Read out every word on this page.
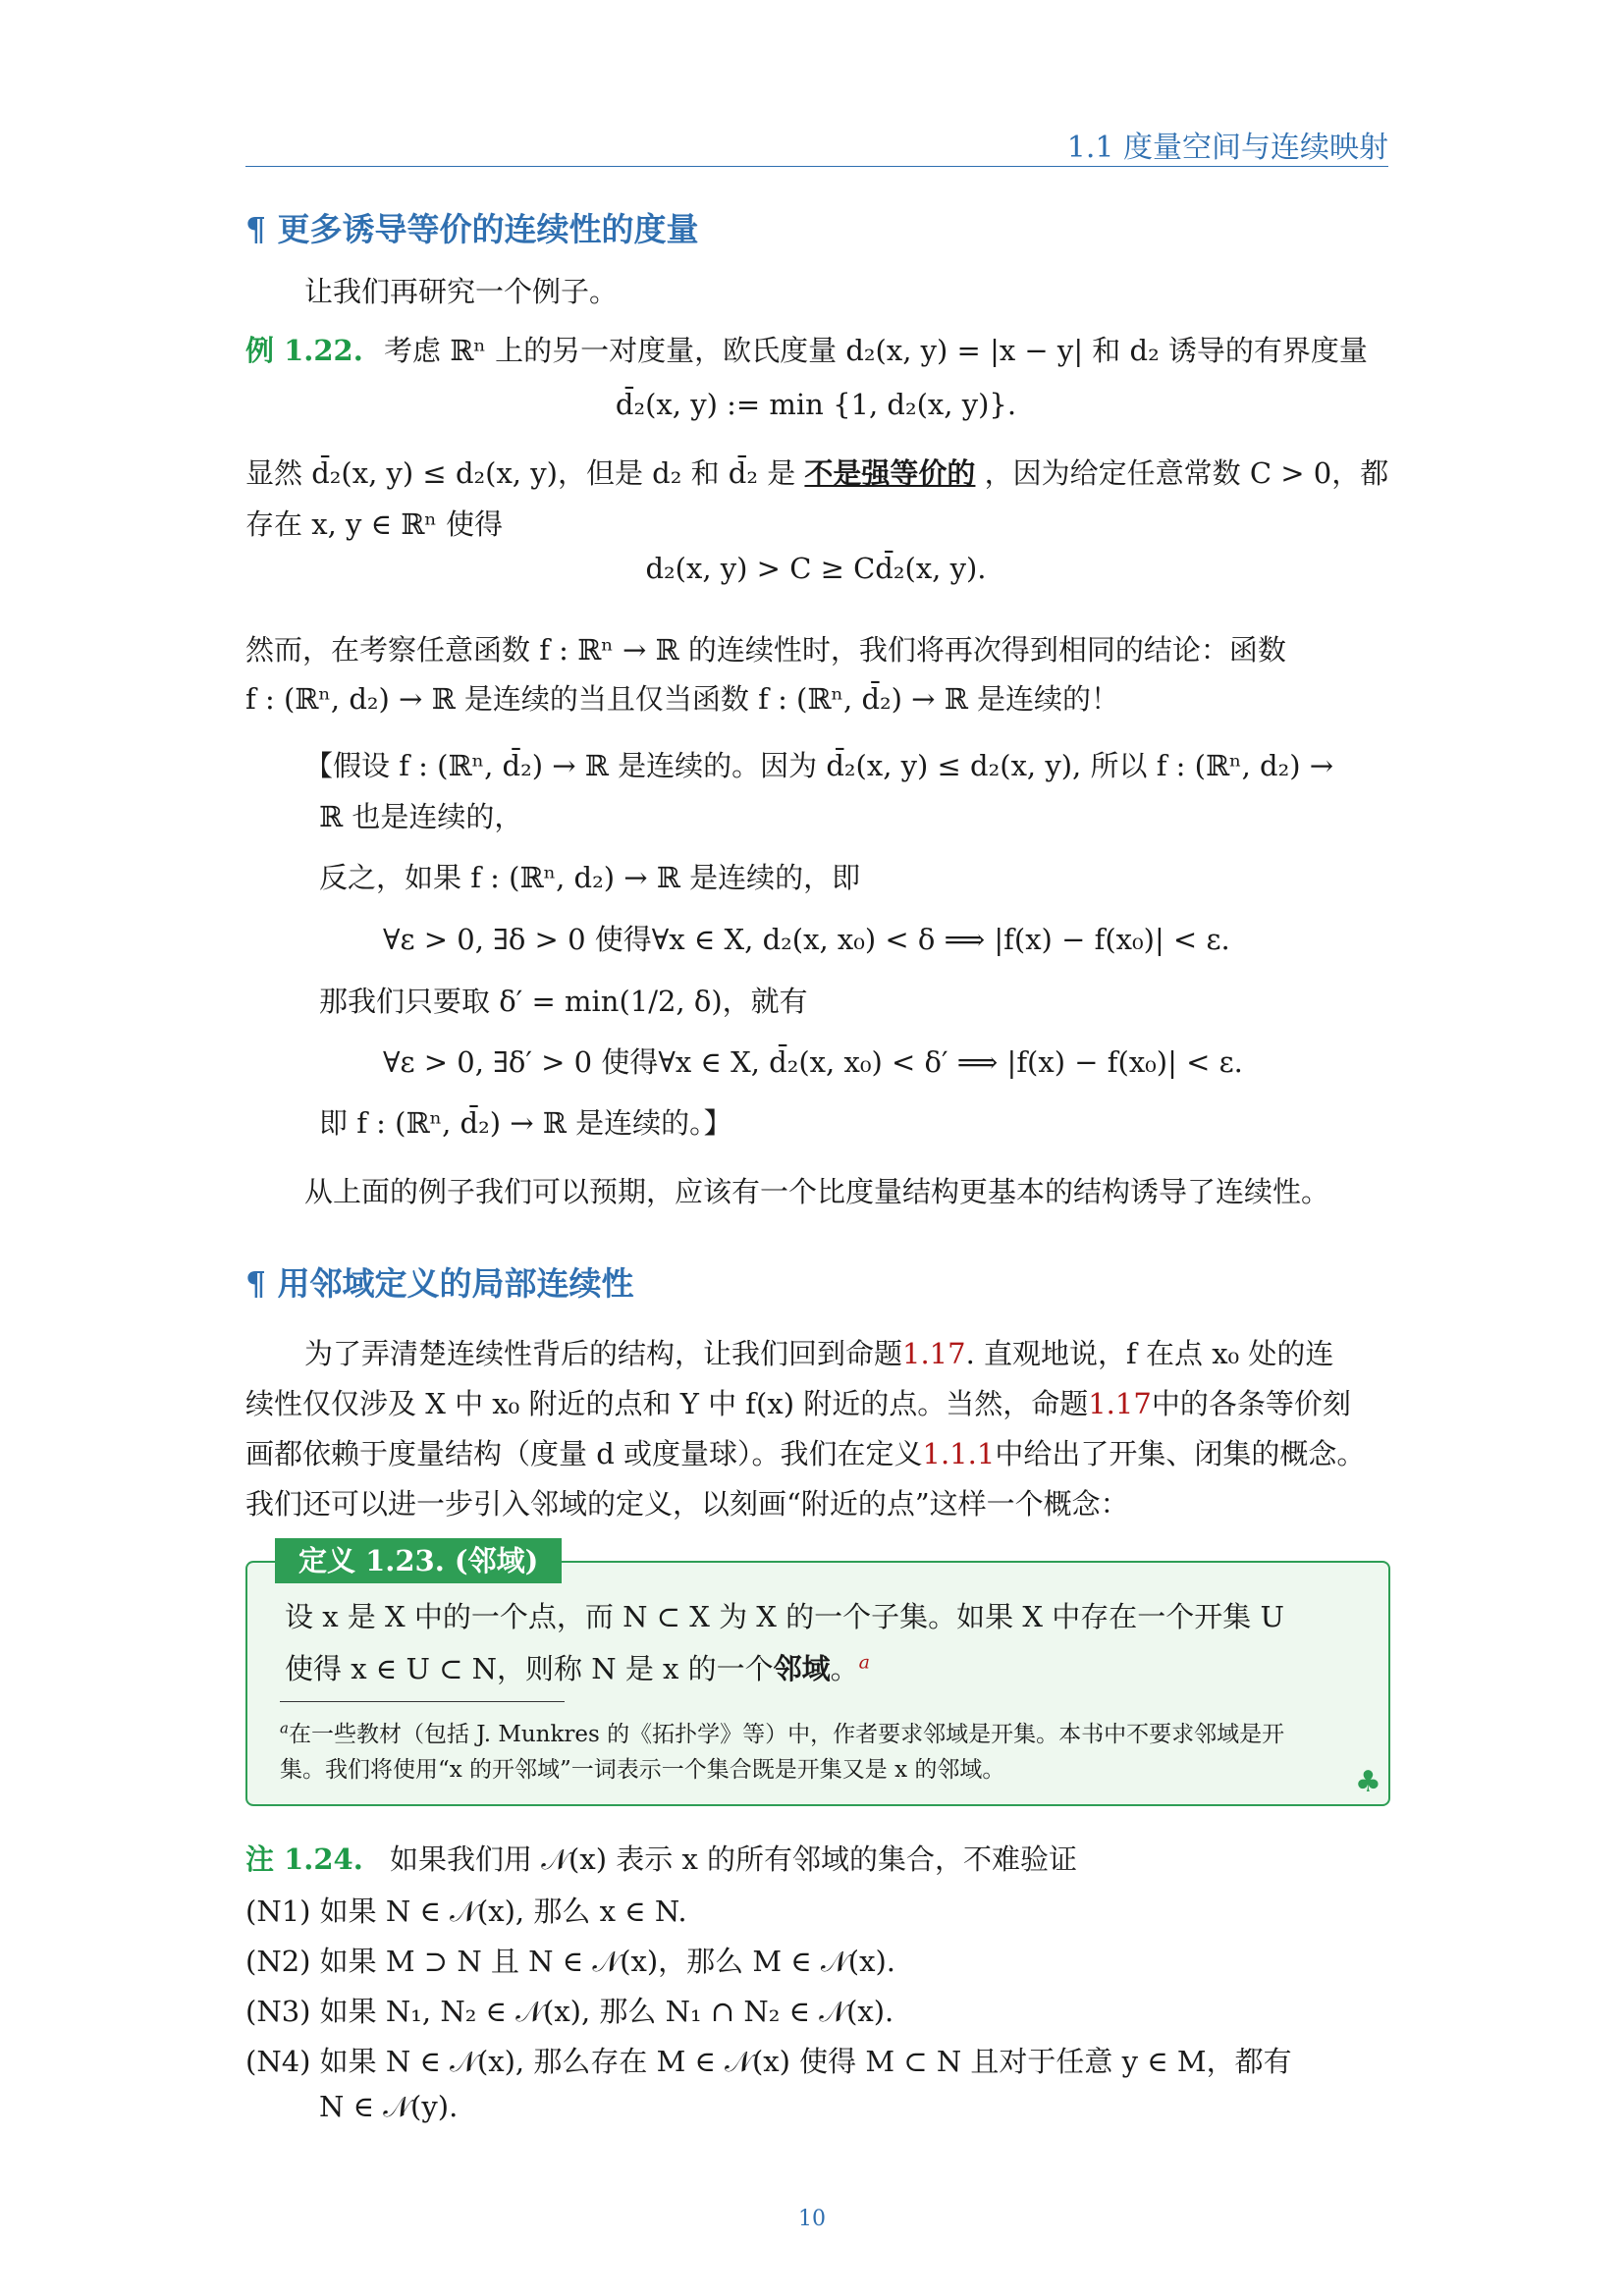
1.1 度量空间与连续映射
¶ 更多诱导等价的连续性的度量
让我们再研究一个例子。
例 1.22. 考虑 ℝⁿ 上的另一对度量，欧氏度量 d₂(x, y) = |x − y| 和 d₂ 诱导的有界度量
d̄₂(x, y) := min {1, d₂(x, y)}.
显然 d̄₂(x, y) ≤ d₂(x, y)，但是 d₂ 和 d̄₂ 是 不是强等价的 ，因为给定任意常数 C > 0，都
存在 x, y ∈ ℝⁿ 使得
d₂(x, y) > C ≥ Cd̄₂(x, y).
然而，在考察任意函数 f : ℝⁿ → ℝ 的连续性时，我们将再次得到相同的结论：函数
f : (ℝⁿ, d₂) → ℝ 是连续的当且仅当函数 f : (ℝⁿ, d̄₂) → ℝ 是连续的！
【假设 f : (ℝⁿ, d̄₂) → ℝ 是连续的。因为 d̄₂(x, y) ≤ d₂(x, y), 所以 f : (ℝⁿ, d₂) →
ℝ 也是连续的，
反之，如果 f : (ℝⁿ, d₂) → ℝ 是连续的，即
∀ε > 0, ∃δ > 0 使得∀x ∈ X, d₂(x, x₀) < δ ⟹ |f(x) − f(x₀)| < ε.
那我们只要取 δ′ = min(1/2, δ)，就有
∀ε > 0, ∃δ′ > 0 使得∀x ∈ X, d̄₂(x, x₀) < δ′ ⟹ |f(x) − f(x₀)| < ε.
即 f : (ℝⁿ, d̄₂) → ℝ 是连续的。】
从上面的例子我们可以预期，应该有一个比度量结构更基本的结构诱导了连续性。
¶ 用邻域定义的局部连续性
为了弄清楚连续性背后的结构，让我们回到命题1.17. 直观地说，f 在点 x₀ 处的连
续性仅仅涉及 X 中 x₀ 附近的点和 Y 中 f(x) 附近的点。当然，命题1.17中的各条等价刻
画都依赖于度量结构（度量 d 或度量球）。我们在定义1.1.1中给出了开集、闭集的概念。
我们还可以进一步引入邻域的定义，以刻画“附近的点”这样一个概念：
定义 1.23. (邻域)
设 x 是 X 中的一个点，而 N ⊂ X 为 X 的一个子集。如果 X 中存在一个开集 U
使得 x ∈ U ⊂ N，则称 N 是 x 的一个邻域。$^a$
$^a$在一些教材（包括 J. Munkres 的《拓扑学》等）中，作者要求邻域是开集。本书中不要求邻域是开
集。我们将使用“x 的开邻域”一词表示一个集合既是开集又是 x 的邻域。	♣
注 1.24. 如果我们用 𝒩(x) 表示 x 的所有邻域的集合，不难验证
(N1) 如果 N ∈ 𝒩(x), 那么 x ∈ N.
(N2) 如果 M ⊃ N 且 N ∈ 𝒩(x)，那么 M ∈ 𝒩(x).
(N3) 如果 N₁, N₂ ∈ 𝒩(x), 那么 N₁ ∩ N₂ ∈ 𝒩(x).
(N4) 如果 N ∈ 𝒩(x), 那么存在 M ∈ 𝒩(x) 使得 M ⊂ N 且对于任意 y ∈ M，都有
N ∈ 𝒩(y).
10
